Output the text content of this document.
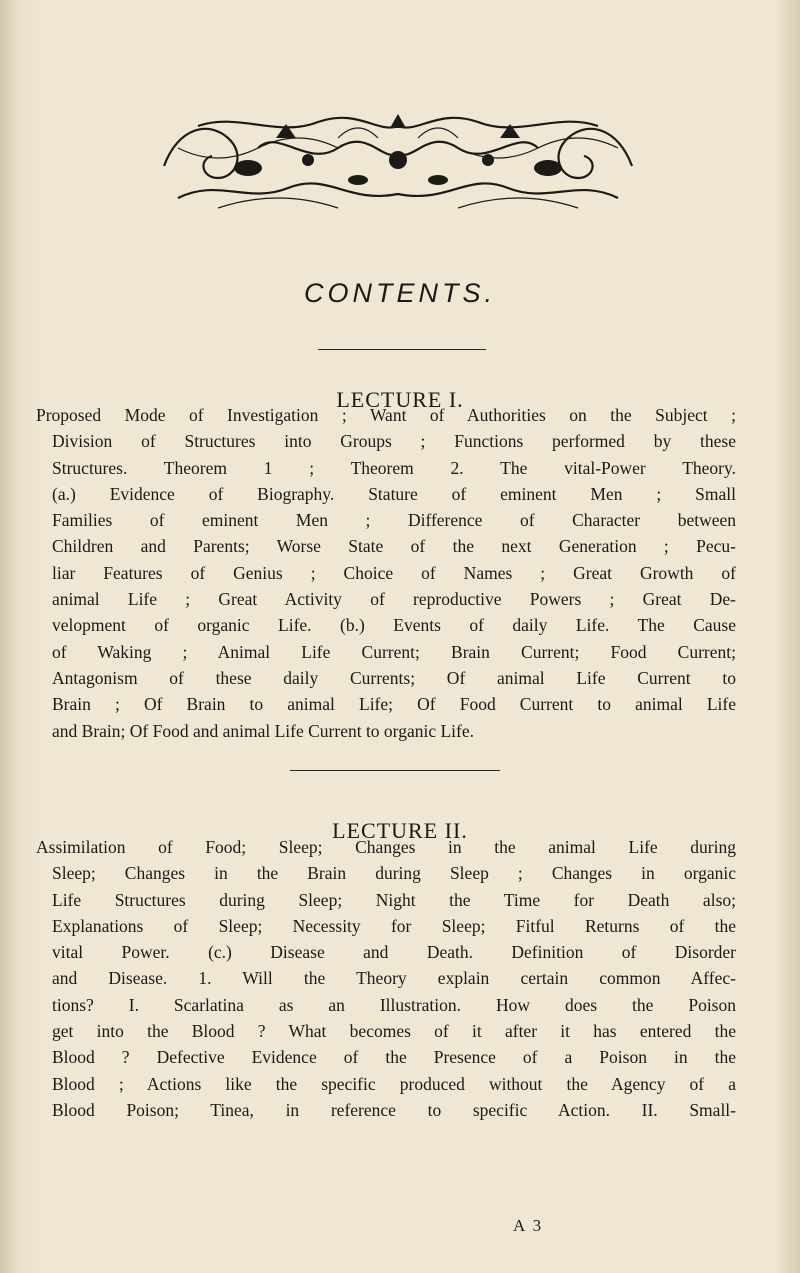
CONTENTS.
LECTURE I.
Proposed Mode of Investigation ; Want of Authorities on the Subject ;
Division of Structures into Groups ; Functions performed by these
Structures. Theorem 1 ; Theorem 2. The vital-Power Theory.
(a.) Evidence of Biography. Stature of eminent Men ; Small
Families of eminent Men ; Difference of Character between
Children and Parents; Worse State of the next Generation ; Pecu-
liar Features of Genius ; Choice of Names ; Great Growth of
animal Life ; Great Activity of reproductive Powers ; Great De-
velopment of organic Life. (b.) Events of daily Life. The Cause
of Waking ; Animal Life Current; Brain Current; Food Current;
Antagonism of these daily Currents; Of animal Life Current to
Brain ; Of Brain to animal Life; Of Food Current to animal Life
and Brain; Of Food and animal Life Current to organic Life.
LECTURE II.
Assimilation of Food; Sleep; Changes in the animal Life during
Sleep; Changes in the Brain during Sleep ; Changes in organic
Life Structures during Sleep; Night the Time for Death also;
Explanations of Sleep; Necessity for Sleep; Fitful Returns of the
vital Power. (c.) Disease and Death. Definition of Disorder
and Disease. 1. Will the Theory explain certain common Affec-
tions? I. Scarlatina as an Illustration. How does the Poison
get into the Blood ? What becomes of it after it has entered the
Blood ? Defective Evidence of the Presence of a Poison in the
Blood ; Actions like the specific produced without the Agency of a
Blood Poison; Tinea, in reference to specific Action. II. Small-
A 3
